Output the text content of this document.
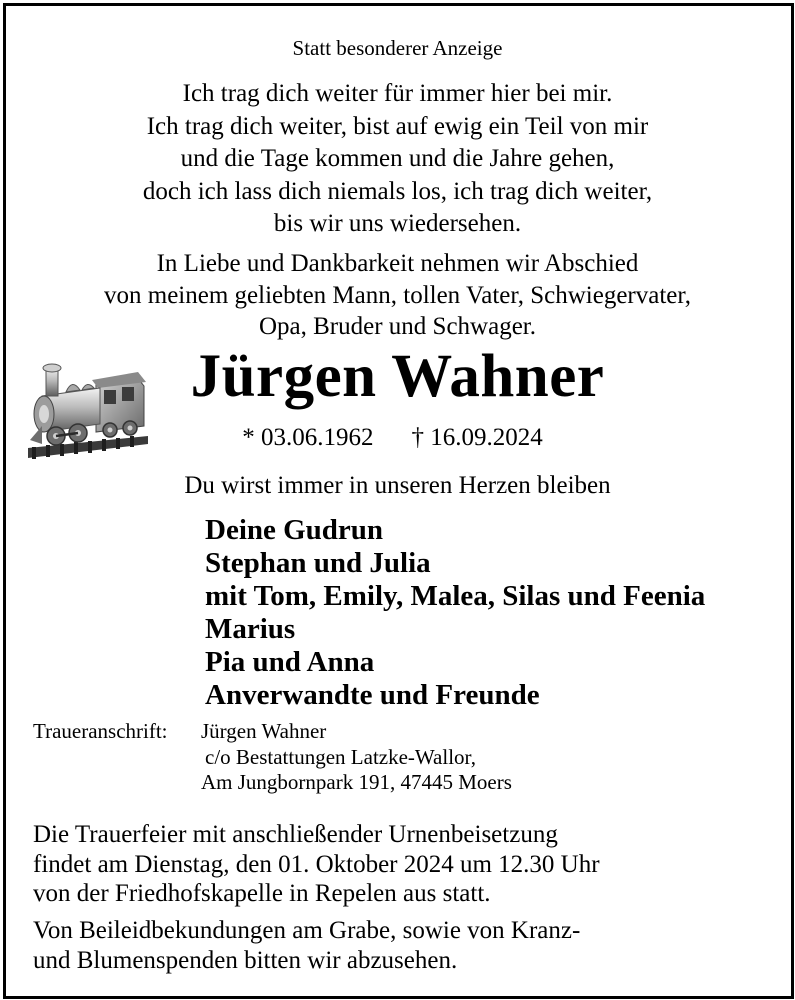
Statt besonderer Anzeige
Ich trag dich weiter für immer hier bei mir.
Ich trag dich weiter, bist auf ewig ein Teil von mir
und die Tage kommen und die Jahre gehen,
doch ich lass dich niemals los, ich trag dich weiter,
bis wir uns wiedersehen.
In Liebe und Dankbarkeit nehmen wir Abschied
von meinem geliebten Mann, tollen Vater, Schwiegervater,
Opa, Bruder und Schwager.
Jürgen Wahner
* 03.06.1962 † 16.09.2024
Du wirst immer in unseren Herzen bleiben
Deine Gudrun
Stephan und Julia
mit Tom, Emily, Malea, Silas und Feenia
Marius
Pia und Anna
Anverwandte und Freunde
Traueranschrift: Jürgen Wahner
c/o Bestattungen Latzke-Wallor,
Am Jungbornpark 191, 47445 Moers
Die Trauerfeier mit anschließender Urnenbeisetzung
findet am Dienstag, den 01. Oktober 2024 um 12.30 Uhr
von der Friedhofskapelle in Repelen aus statt.
Von Beileidbekundungen am Grabe, sowie von Kranz-
und Blumenspenden bitten wir abzusehen.
